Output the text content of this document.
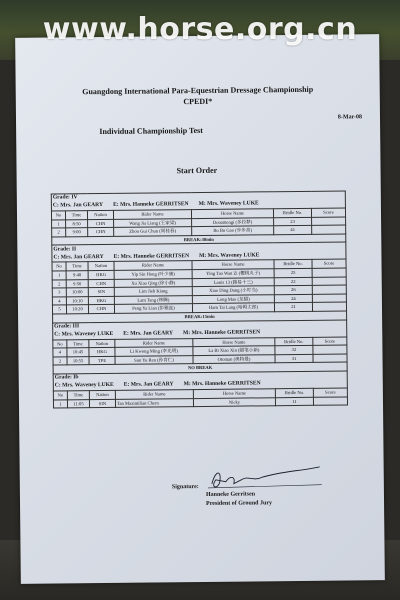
www.horse.org.cn
Guangdong International Para-Equestrian Dressage Championship
CPEDI*
8-Mar-08
Individual Championship Test
Start Order
Grade: IV						
C: Mrs. Jan GEARY E: Mrs. Hanneke GERRITSEN M: Mrs. Waveney LUKE						
No	Time	Nation	Rider Name	Horse Name	Bridle No.	Score
1	8:50	CHN	Wang Jia Liang (王家梁)	Douamengi (多拉梦)	23	
2	9:00	CHN	Zhou Gui Chun (周桂春)	Bu Bu Gao (步步高)	41	
BREAK:30min						
Grade: II						
C: Mrs. Jan GEARY E: Mrs. Hanneke GERRITSEN M: Mrs. Waveney LUKE						
No	Time	Nation	Rider Name	Horse Name	Bridle No.	Score
1	9:40	HKG	Yip Sin Hong (叶少康)	Ying Tao Wan Zi (樱桃丸子)	25	
2	9:50	CHN	Xu Xiao Qing (徐小静)	Louis 13 (路易十三)	22	
3	10:00	SIN	Lim Jieh Kiang	Xiao Ding Dang (小叮当)	26	
4	10:10	HKG	Lam Tang (林腾)	Long Mao (龙猫)	24	
5	10:20	CHN	Peng Ya Lian (彭雅连)	Ham Tai Lang (哈姆太郎)	21	
BREAK:15min						
Grade: III						
C: Mrs. Waveney LUKE E: Mrs. Jan GEARY M: Mrs. Hanneke GERRITSEN						
No	Time	Nation	Rider Name	Horse Name	Bridle No.	Score
4	10:45	HKG	Li Kwong Ming (李光明)	La Bi Xiao Xin (蜡笔小新)	32	
2	10:55	TPE	Sun Yu Ren (孙育仁)	Otoman (奥特曼)	31	
NO BREAK						
Grade: Ib						
C: Mrs. Waveney LUKE E: Mrs. Jan GEARY M: Mrs. Hanneke GERRITSEN						
No	Time	Nation	Rider Name	Horse Name	Bridle No.	Score
1	11:05	SIN	Tan Maximilian Chern	Nicky	11	
Signature:
Hanneke Gerritsen
President of Ground Jury
